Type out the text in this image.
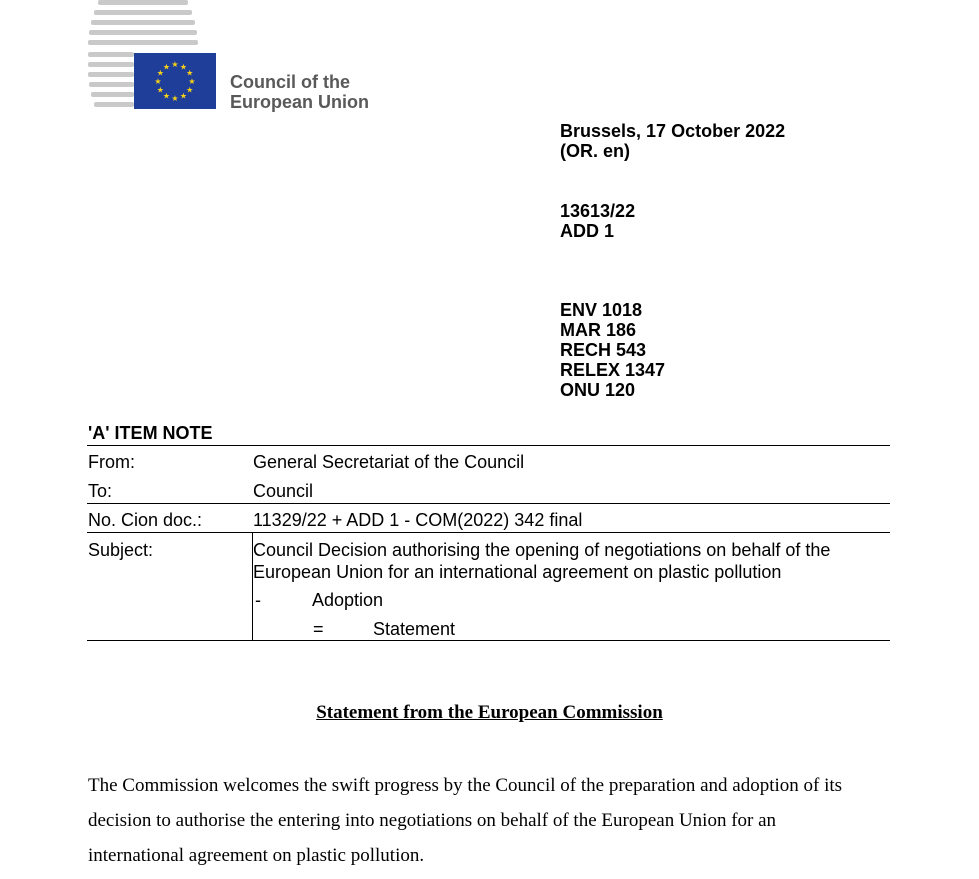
★ ★
★
★
★
★
★
★
★
★
★
★
Council of the
European Union
Brussels, 17 October 2022
(OR. en)
13613/22
ADD 1
ENV 1018
MAR 186
RECH 543
RELEX 1347
ONU 120
'A' ITEM NOTE
From:	General Secretariat of the Council
To:	Council
No. Cion doc.:	11329/22 + ADD 1 - COM(2022) 342 final
Subject:	Council Decision authorising the opening of negotiations on behalf of the
European Union for an international agreement on plastic pollution
-	Adoption
=	Statement
Statement from the European Commission
The Commission welcomes the swift progress by the Council of the preparation and adoption of its
decision to authorise the entering into negotiations on behalf of the European Union for an
international agreement on plastic pollution.
